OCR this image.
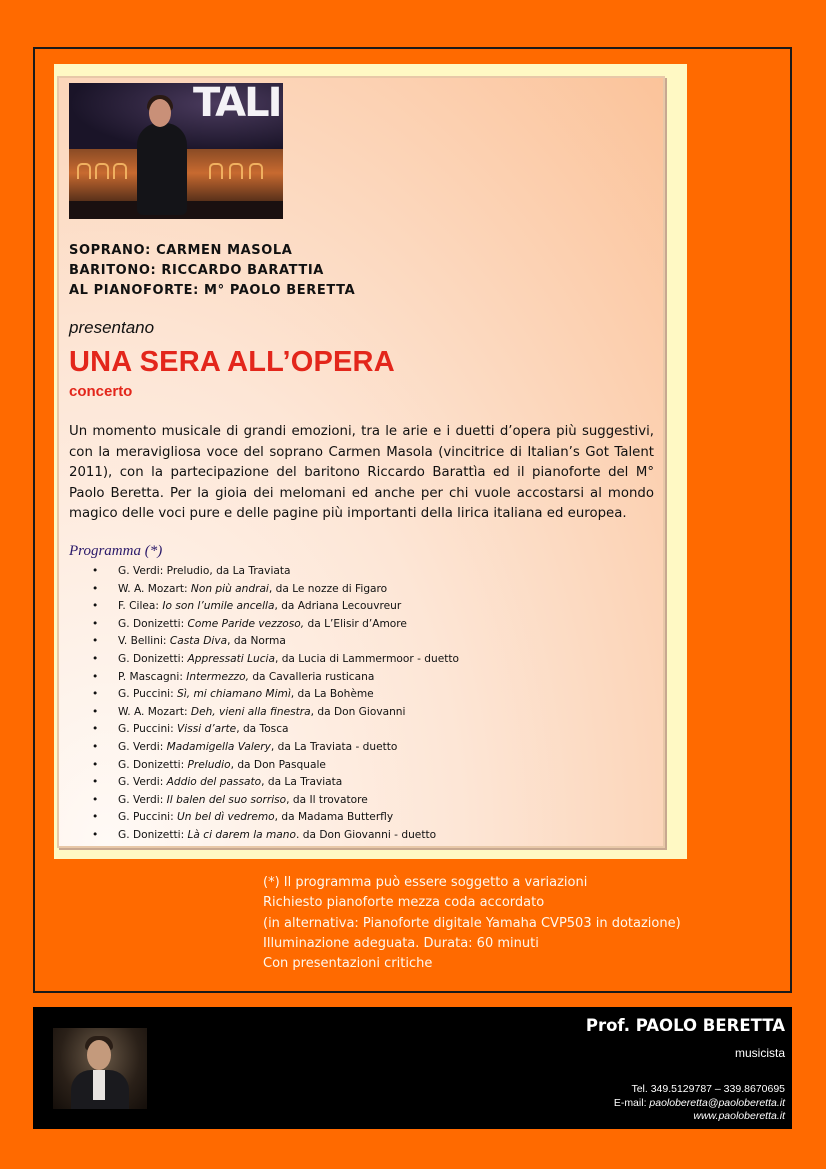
TALI
SOPRANO: CARMEN MASOLA
BARITONO: RICCARDO BARATTIA
AL PIANOFORTE: M° PAOLO BERETTA
presentano
UNA SERA ALL’OPERA
concerto
Un momento musicale di grandi emozioni, tra le arie e i duetti d’opera più suggestivi, con la meravigliosa voce del soprano Carmen Masola (vincitrice di Italian’s Got Talent 2011), con la partecipazione del baritono Riccardo Barattìa ed il pianoforte del M° Paolo Beretta. Per la gioia dei melomani ed anche per chi vuole accostarsi al mondo magico delle voci pure e delle pagine più importanti della lirica italiana ed europea.
Programma (*)
• G. Verdi: Preludio, da La Traviata
• W. A. Mozart: Non più andrai, da Le nozze di Figaro
• F. Cilea: Io son l’umile ancella, da Adriana Lecouvreur
• G. Donizetti: Come Paride vezzoso, da L’Elisir d’Amore
• V. Bellini: Casta Diva, da Norma
• G. Donizetti: Appressati Lucia, da Lucia di Lammermoor - duetto
• P. Mascagni: Intermezzo, da Cavalleria rusticana
• G. Puccini: Sì, mi chiamano Mimì, da La Bohème
• W. A. Mozart: Deh, vieni alla finestra, da Don Giovanni
• G. Puccini: Vissi d’arte, da Tosca
• G. Verdi: Madamigella Valery, da La Traviata - duetto
• G. Donizetti: Preludio, da Don Pasquale
• G. Verdi: Addio del passato, da La Traviata
• G. Verdi: Il balen del suo sorriso, da Il trovatore
• G. Puccini: Un bel dì vedremo, da Madama Butterfly
• G. Donizetti: Là ci darem la mano. da Don Giovanni - duetto
(*) Il programma può essere soggetto a variazioni
Richiesto pianoforte mezza coda accordato
(in alternativa: Pianoforte digitale Yamaha CVP503 in dotazione)
Illuminazione adeguata. Durata: 60 minuti
Con presentazioni critiche
Prof. PAOLO BERETTA
musicista
Tel. 349.5129787 – 339.8670695
E-mail: paoloberetta@paoloberetta.it
www.paoloberetta.it
